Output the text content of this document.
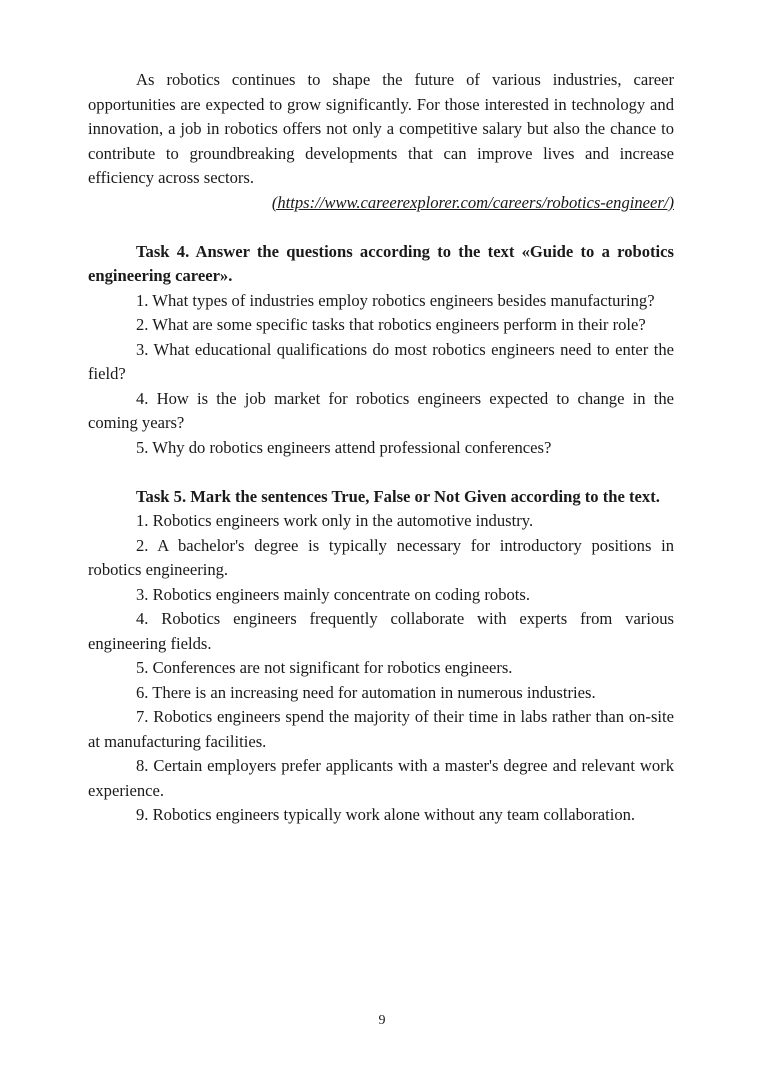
As robotics continues to shape the future of various industries, career opportunities are expected to grow significantly. For those interested in technology and innovation, a job in robotics offers not only a competitive salary but also the chance to contribute to groundbreaking developments that can improve lives and increase efficiency across sectors.

(https://www.careerexplorer.com/careers/robotics-engineer/)

Task 4. Answer the questions according to the text «Guide to a robotics engineering career».

1. What types of industries employ robotics engineers besides manufacturing?

2. What are some specific tasks that robotics engineers perform in their role?

3. What educational qualifications do most robotics engineers need to enter the field?

4. How is the job market for robotics engineers expected to change in the coming years?

5. Why do robotics engineers attend professional conferences?

Task 5. Mark the sentences True, False or Not Given according to the text.

1. Robotics engineers work only in the automotive industry.

2. A bachelor's degree is typically necessary for introductory positions in robotics engineering.

3. Robotics engineers mainly concentrate on coding robots.

4. Robotics engineers frequently collaborate with experts from various engineering fields.

5. Conferences are not significant for robotics engineers.

6. There is an increasing need for automation in numerous industries.

7. Robotics engineers spend the majority of their time in labs rather than on-site at manufacturing facilities.

8. Certain employers prefer applicants with a master's degree and relevant work experience.

9. Robotics engineers typically work alone without any team collaboration.

9
